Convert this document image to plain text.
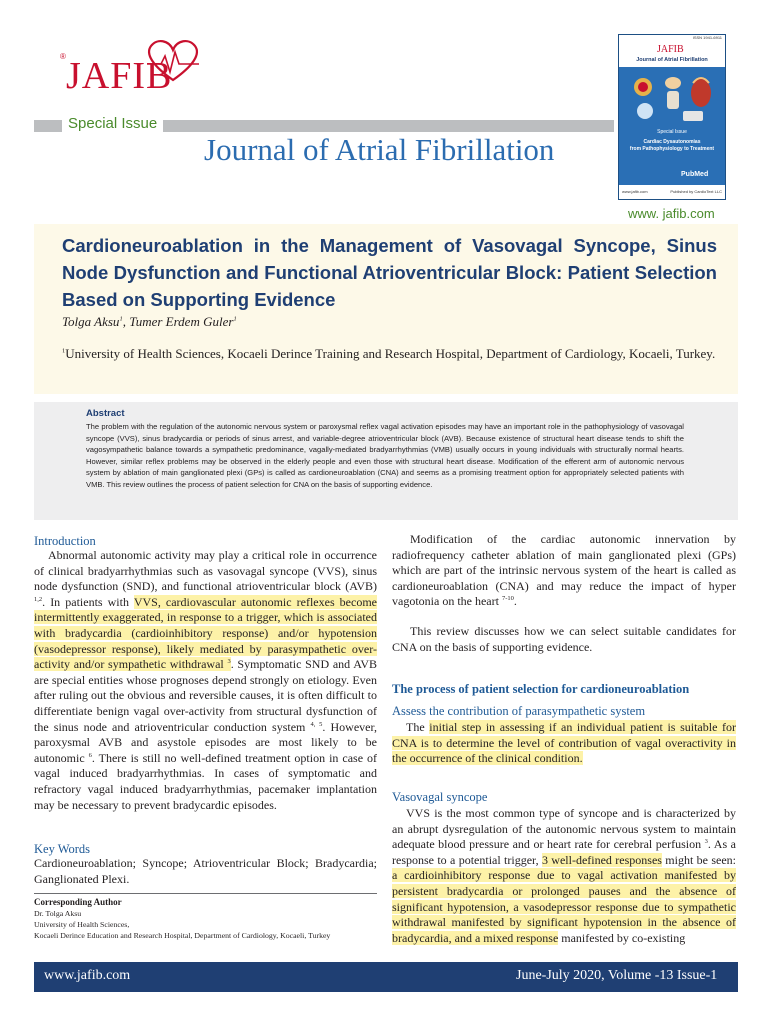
® JAFIB
Special Issue
Journal of Atrial Fibrillation
ISSN 1941-6911
JAFIB
Journal of Atrial Fibrillation
Special Issue
Cardiac Dysautonomias
from Pathophysiology to Treatment
PubMed
www.jafib.com	Published by CardioText LLC
www. jafib.com
Cardioneuroablation in the Management of Vasovagal Syncope, Sinus Node Dysfunction and Functional Atrioventricular Block: Patient Selection Based on Supporting Evidence
Tolga Aksu$^1$, Tumer Erdem Guler$^1$
$^1$University of Health Sciences, Kocaeli Derince Training and Research Hospital, Department of Cardiology, Kocaeli, Turkey.
Abstract
The problem with the regulation of the autonomic nervous system or paroxysmal reflex vagal activation episodes may have an important role in the pathophysiology of vasovagal syncope (VVS), sinus bradycardia or periods of sinus arrest, and variable-degree atrioventricular block (AVB). Because existence of structural heart disease tends to shift the vagosympathetic balance towards a sympathetic predominance, vagally-mediated bradyarrhythmias (VMB) usually occurs in young individuals with structurally normal hearts. However, similar reflex problems may be observed in the elderly people and even those with structural heart disease. Modification of the efferent arm of autonomic nervous system by ablation of main ganglionated plexi (GPs) is called as cardioneuroablation (CNA) and seems as a promising treatment option for appropriately selected patients with VMB. This review outlines the process of patient selection for CNA on the basis of supporting evidence.
Introduction

Abnormal autonomic activity may play a critical role in occurrence of clinical bradyarrhythmias such as vasovagal syncope (VVS), sinus node dysfunction (SND), and functional atrioventricular block (AVB) $^{1,2}$. In patients with VVS, cardiovascular autonomic reflexes become intermittently exaggerated, in response to a trigger, which is associated with bradycardia (cardioinhibitory response) and/or hypotension (vasodepressor response), likely mediated by parasympathetic over-activity and/or sympathetic withdrawal $^3$. Symptomatic SND and AVB are special entities whose prognoses depend strongly on etiology. Even after ruling out the obvious and reversible causes, it is often difficult to differentiate benign vagal over-activity from structural dysfunction of the sinus node and atrioventricular conduction system $^{4, 5}$. However, paroxysmal AVB and asystole episodes are most likely to be autonomic $^6$. There is still no well-defined treatment option in case of vagal induced bradyarrhythmias. In cases of symptomatic and refractory vagal induced bradyarrhythmias, pacemaker implantation may be necessary to prevent bradycardic episodes.

Key Words
Cardioneuroablation; Syncope; Atrioventricular Block; Bradycardia; Ganglionated Plexi.
Corresponding Author
Dr. Tolga Aksu
University of Health Sciences,
Kocaeli Derince Education and Research Hospital, Department of Cardiology, Kocaeli, Turkey

Modification of the cardiac autonomic innervation by radiofrequency catheter ablation of main ganglionated plexi (GPs) which are part of the intrinsic nervous system of the heart is called as cardioneuroablation (CNA) and may reduce the impact of hyper vagotonia on the heart $^{7-10}$.

This review discusses how we can select suitable candidates for CNA on the basis of supporting evidence.

The process of patient selection for cardioneuroablation
Assess the contribution of parasympathetic system

The initial step in assessing if an individual patient is suitable for CNA is to determine the level of contribution of vagal overactivity in the occurrence of the clinical condition.

Vasovagal syncope

VVS is the most common type of syncope and is characterized by an abrupt dysregulation of the autonomic nervous system to maintain adequate blood pressure and or heart rate for cerebral perfusion $^3$. As a response to a potential trigger, 3 well-defined responses might be seen: a cardioinhibitory response due to vagal activation manifested by persistent bradycardia or prolonged pauses and the absence of significant hypotension, a vasodepressor response due to sympathetic withdrawal manifested by significant hypotension in the absence of bradycardia, and a mixed response manifested by co-existing

www.jafib.com	June-July 2020, Volume -13 Issue-1
